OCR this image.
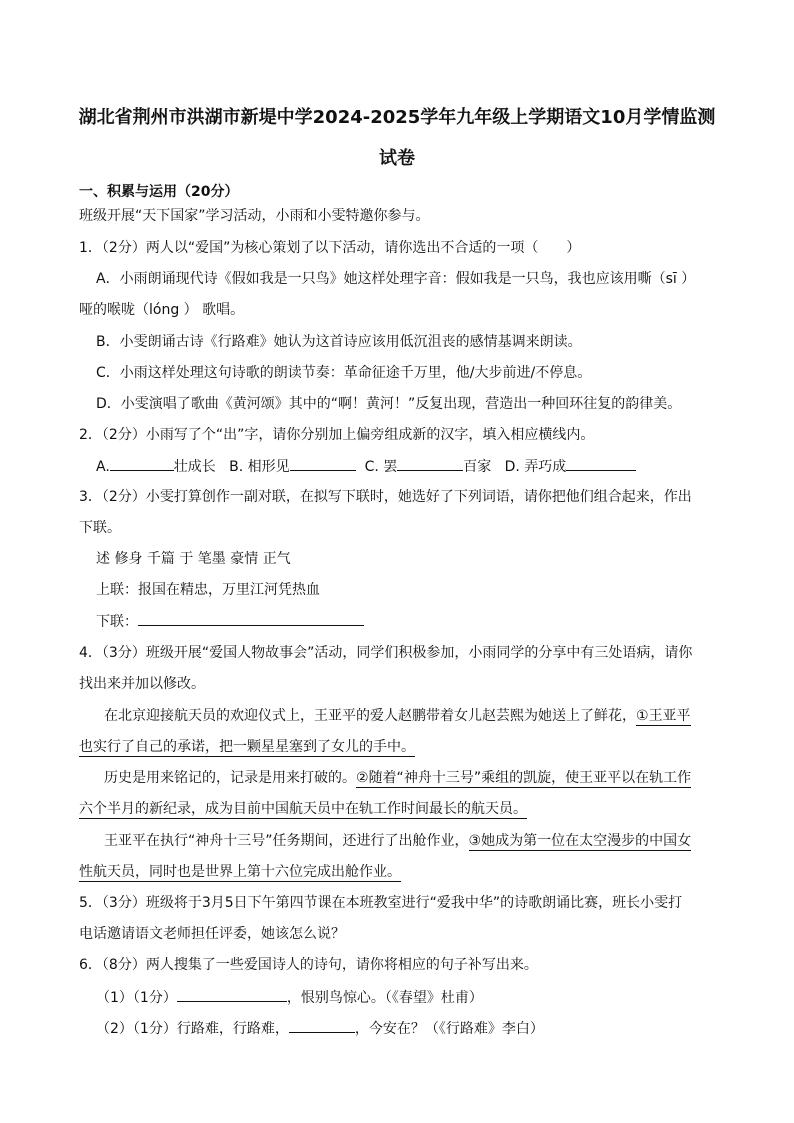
湖北省荆州市洪湖市新堤中学2024-2025学年九年级上学期语文10月学情监测
试卷
一、积累与运用（20分）
班级开展“天下国家”学习活动，小雨和小雯特邀你参与。
1．（2分）两人以“爱国”为核心策划了以下活动，请你选出不合适的一项（　　）
A．小雨朗诵现代诗《假如我是一只鸟》她这样处理字音：假如我是一只鸟，我也应该用嘶（sī ）
哑的喉咙（lóng ） 歌唱。
B．小雯朗诵古诗《行路难》她认为这首诗应该用低沉沮丧的感情基调来朗读。
C．小雨这样处理这句诗歌的朗读节奏：革命征途千万里，他/大步前进/不停息。
D．小雯演唱了歌曲《黄河颂》其中的“啊！黄河！”反复出现，营造出一种回环往复的韵律美。
2．（2分）小雨写了个“出”字，请你分别加上偏旁组成新的汉字，填入相应横线内。
A.	壮成长 B. 相形见	C. 罢	百家 D. 弄巧成
3．（2分）小雯打算创作一副对联，在拟写下联时，她选好了下列词语，请你把他们组合起来，作出
下联。
述 修身 千篇 于 笔墨 豪情 正气
上联：报国在精忠，万里江河凭热血
下联：
4．（3分）班级开展“爱国人物故事会”活动，同学们积极参加，小雨同学的分享中有三处语病，请你
找出来并加以修改。
在北京迎接航天员的欢迎仪式上，王亚平的爱人赵鹏带着女儿赵芸熙为她送上了鲜花，①王亚平
也实行了自己的承诺，把一颗星星塞到了女儿的手中。
历史是用来铭记的，记录是用来打破的。②随着“神舟十三号”乘组的凯旋，使王亚平以在轨工作
六个半月的新纪录，成为目前中国航天员中在轨工作时间最长的航天员。
王亚平在执行“神舟十三号”任务期间，还进行了出舱作业，③她成为第一位在太空漫步的中国女
性航天员，同时也是世界上第十六位完成出舱作业。
5．（3分）班级将于3月5日下午第四节课在本班教室进行“爱我中华”的诗歌朗诵比赛，班长小雯打
电话邀请语文老师担任评委，她该怎么说？
6．（8分）两人搜集了一些爱国诗人的诗句，请你将相应的句子补写出来。
（1）（1分）	，恨别鸟惊心。（《春望》杜甫）
（2）（1分）行路难，行路难，	，今安在？（《行路难》李白）
